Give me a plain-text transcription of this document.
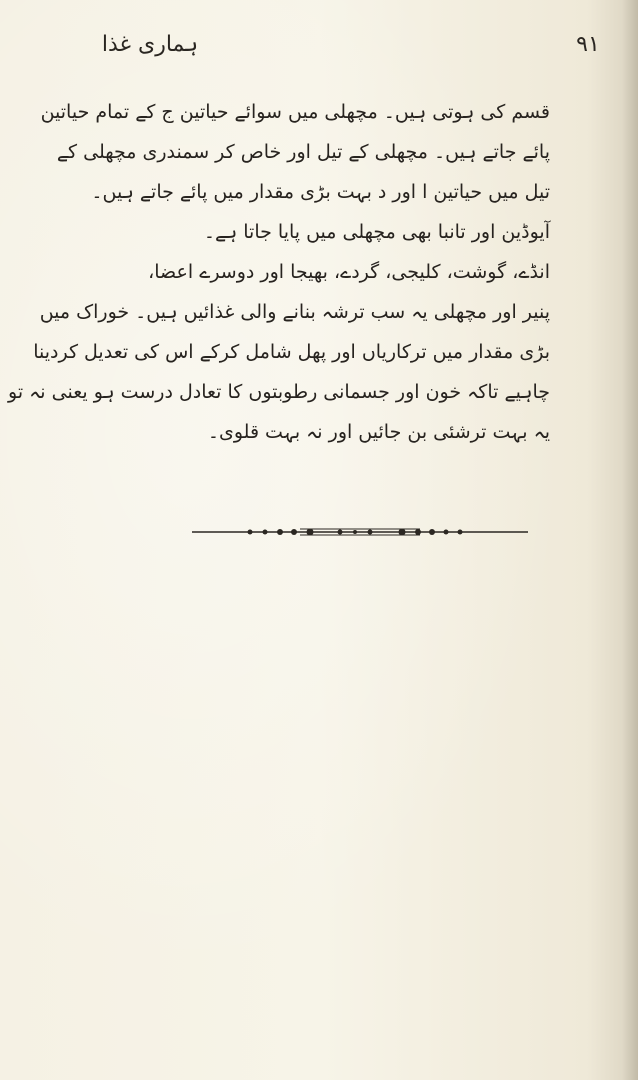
٩١
ہماری غذا
قسم کی ہوتی ہیں۔ مچھلی میں سوائے حیاتین ج کے تمام حیاتین
پائے جاتے ہیں۔ مچھلی کے تیل اور خاص کر سمندری مچھلی کے
تیل میں حیاتین ا اور د بہت بڑی مقدار میں پائے جاتے ہیں۔
آیوڈین اور تانبا بھی مچھلی میں پایا جاتا ہے۔
انڈے، گوشت، کلیجی، گردے، بھیجا اور دوسرے اعضا،
پنیر اور مچھلی یہ سب ترشہ بنانے والی غذائیں ہیں۔ خوراک میں
بڑی مقدار میں ترکاریاں اور پھل شامل کرکے اس کی تعدیل کردینا
چاہیے تاکہ خون اور جسمانی رطوبتوں کا تعادل درست ہو یعنی نہ تو
یہ بہت ترشئی بن جائیں اور نہ بہت قلوی۔
